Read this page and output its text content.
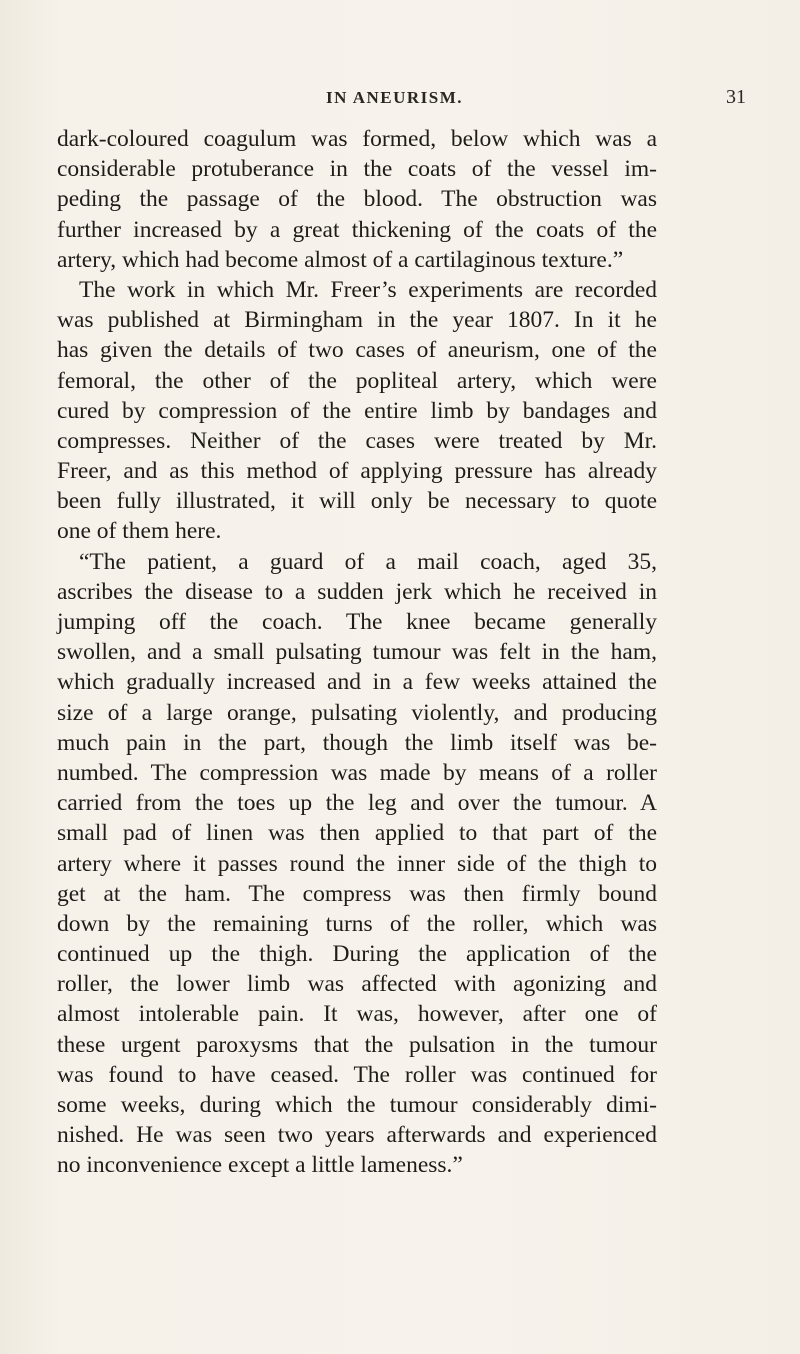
IN ANEURISM.	31
dark-coloured coagulum was formed, below which was a
considerable protuberance in the coats of the vessel im-
peding the passage of the blood. The obstruction was
further increased by a great thickening of the coats of the
artery, which had become almost of a cartilaginous texture.”
The work in which Mr. Freer’s experiments are recorded
was published at Birmingham in the year 1807. In it he
has given the details of two cases of aneurism, one of the
femoral, the other of the popliteal artery, which were
cured by compression of the entire limb by bandages and
compresses. Neither of the cases were treated by Mr.
Freer, and as this method of applying pressure has already
been fully illustrated, it will only be necessary to quote
one of them here.
“The patient, a guard of a mail coach, aged 35,
ascribes the disease to a sudden jerk which he received in
jumping off the coach. The knee became generally
swollen, and a small pulsating tumour was felt in the ham,
which gradually increased and in a few weeks attained the
size of a large orange, pulsating violently, and producing
much pain in the part, though the limb itself was be-
numbed. The compression was made by means of a roller
carried from the toes up the leg and over the tumour. A
small pad of linen was then applied to that part of the
artery where it passes round the inner side of the thigh to
get at the ham. The compress was then firmly bound
down by the remaining turns of the roller, which was
continued up the thigh. During the application of the
roller, the lower limb was affected with agonizing and
almost intolerable pain. It was, however, after one of
these urgent paroxysms that the pulsation in the tumour
was found to have ceased. The roller was continued for
some weeks, during which the tumour considerably dimi-
nished. He was seen two years afterwards and experienced
no inconvenience except a little lameness.”
